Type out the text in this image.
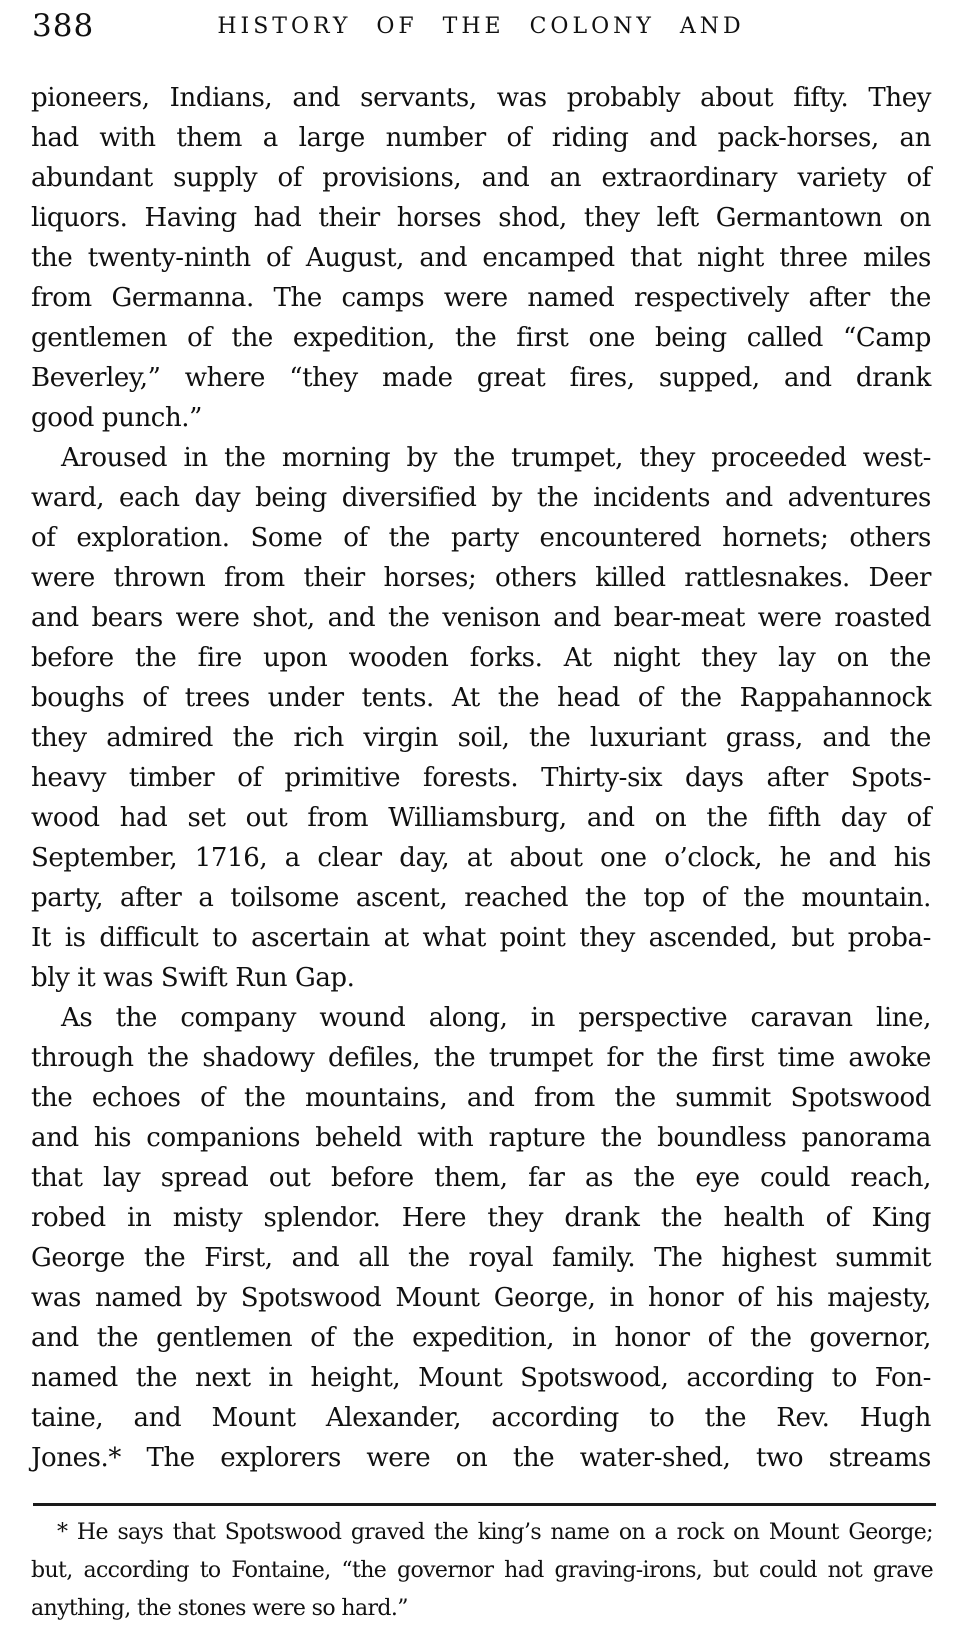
388	HISTORY OF THE COLONY AND
pioneers, Indians, and servants, was probably about fifty. They
had with them a large number of riding and pack-horses, an
abundant supply of provisions, and an extraordinary variety of
liquors. Having had their horses shod, they left Germantown on
the twenty-ninth of August, and encamped that night three miles
from Germanna. The camps were named respectively after the
gentlemen of the expedition, the first one being called “Camp
Beverley,” where “they made great fires, supped, and drank
good punch.”
Aroused in the morning by the trumpet, they proceeded west-
ward, each day being diversified by the incidents and adventures
of exploration. Some of the party encountered hornets; others
were thrown from their horses; others killed rattlesnakes. Deer
and bears were shot, and the venison and bear-meat were roasted
before the fire upon wooden forks. At night they lay on the
boughs of trees under tents. At the head of the Rappahannock
they admired the rich virgin soil, the luxuriant grass, and the
heavy timber of primitive forests. Thirty-six days after Spots-
wood had set out from Williamsburg, and on the fifth day of
September, 1716, a clear day, at about one o’clock, he and his
party, after a toilsome ascent, reached the top of the mountain.
It is difficult to ascertain at what point they ascended, but proba-
bly it was Swift Run Gap.
As the company wound along, in perspective caravan line,
through the shadowy defiles, the trumpet for the first time awoke
the echoes of the mountains, and from the summit Spotswood
and his companions beheld with rapture the boundless panorama
that lay spread out before them, far as the eye could reach,
robed in misty splendor. Here they drank the health of King
George the First, and all the royal family. The highest summit
was named by Spotswood Mount George, in honor of his majesty,
and the gentlemen of the expedition, in honor of the governor,
named the next in height, Mount Spotswood, according to Fon-
taine, and Mount Alexander, according to the Rev. Hugh
Jones.* The explorers were on the water-shed, two streams
* He says that Spotswood graved the king’s name on a rock on Mount George;
but, according to Fontaine, “the governor had graving-irons, but could not grave
anything, the stones were so hard.”
